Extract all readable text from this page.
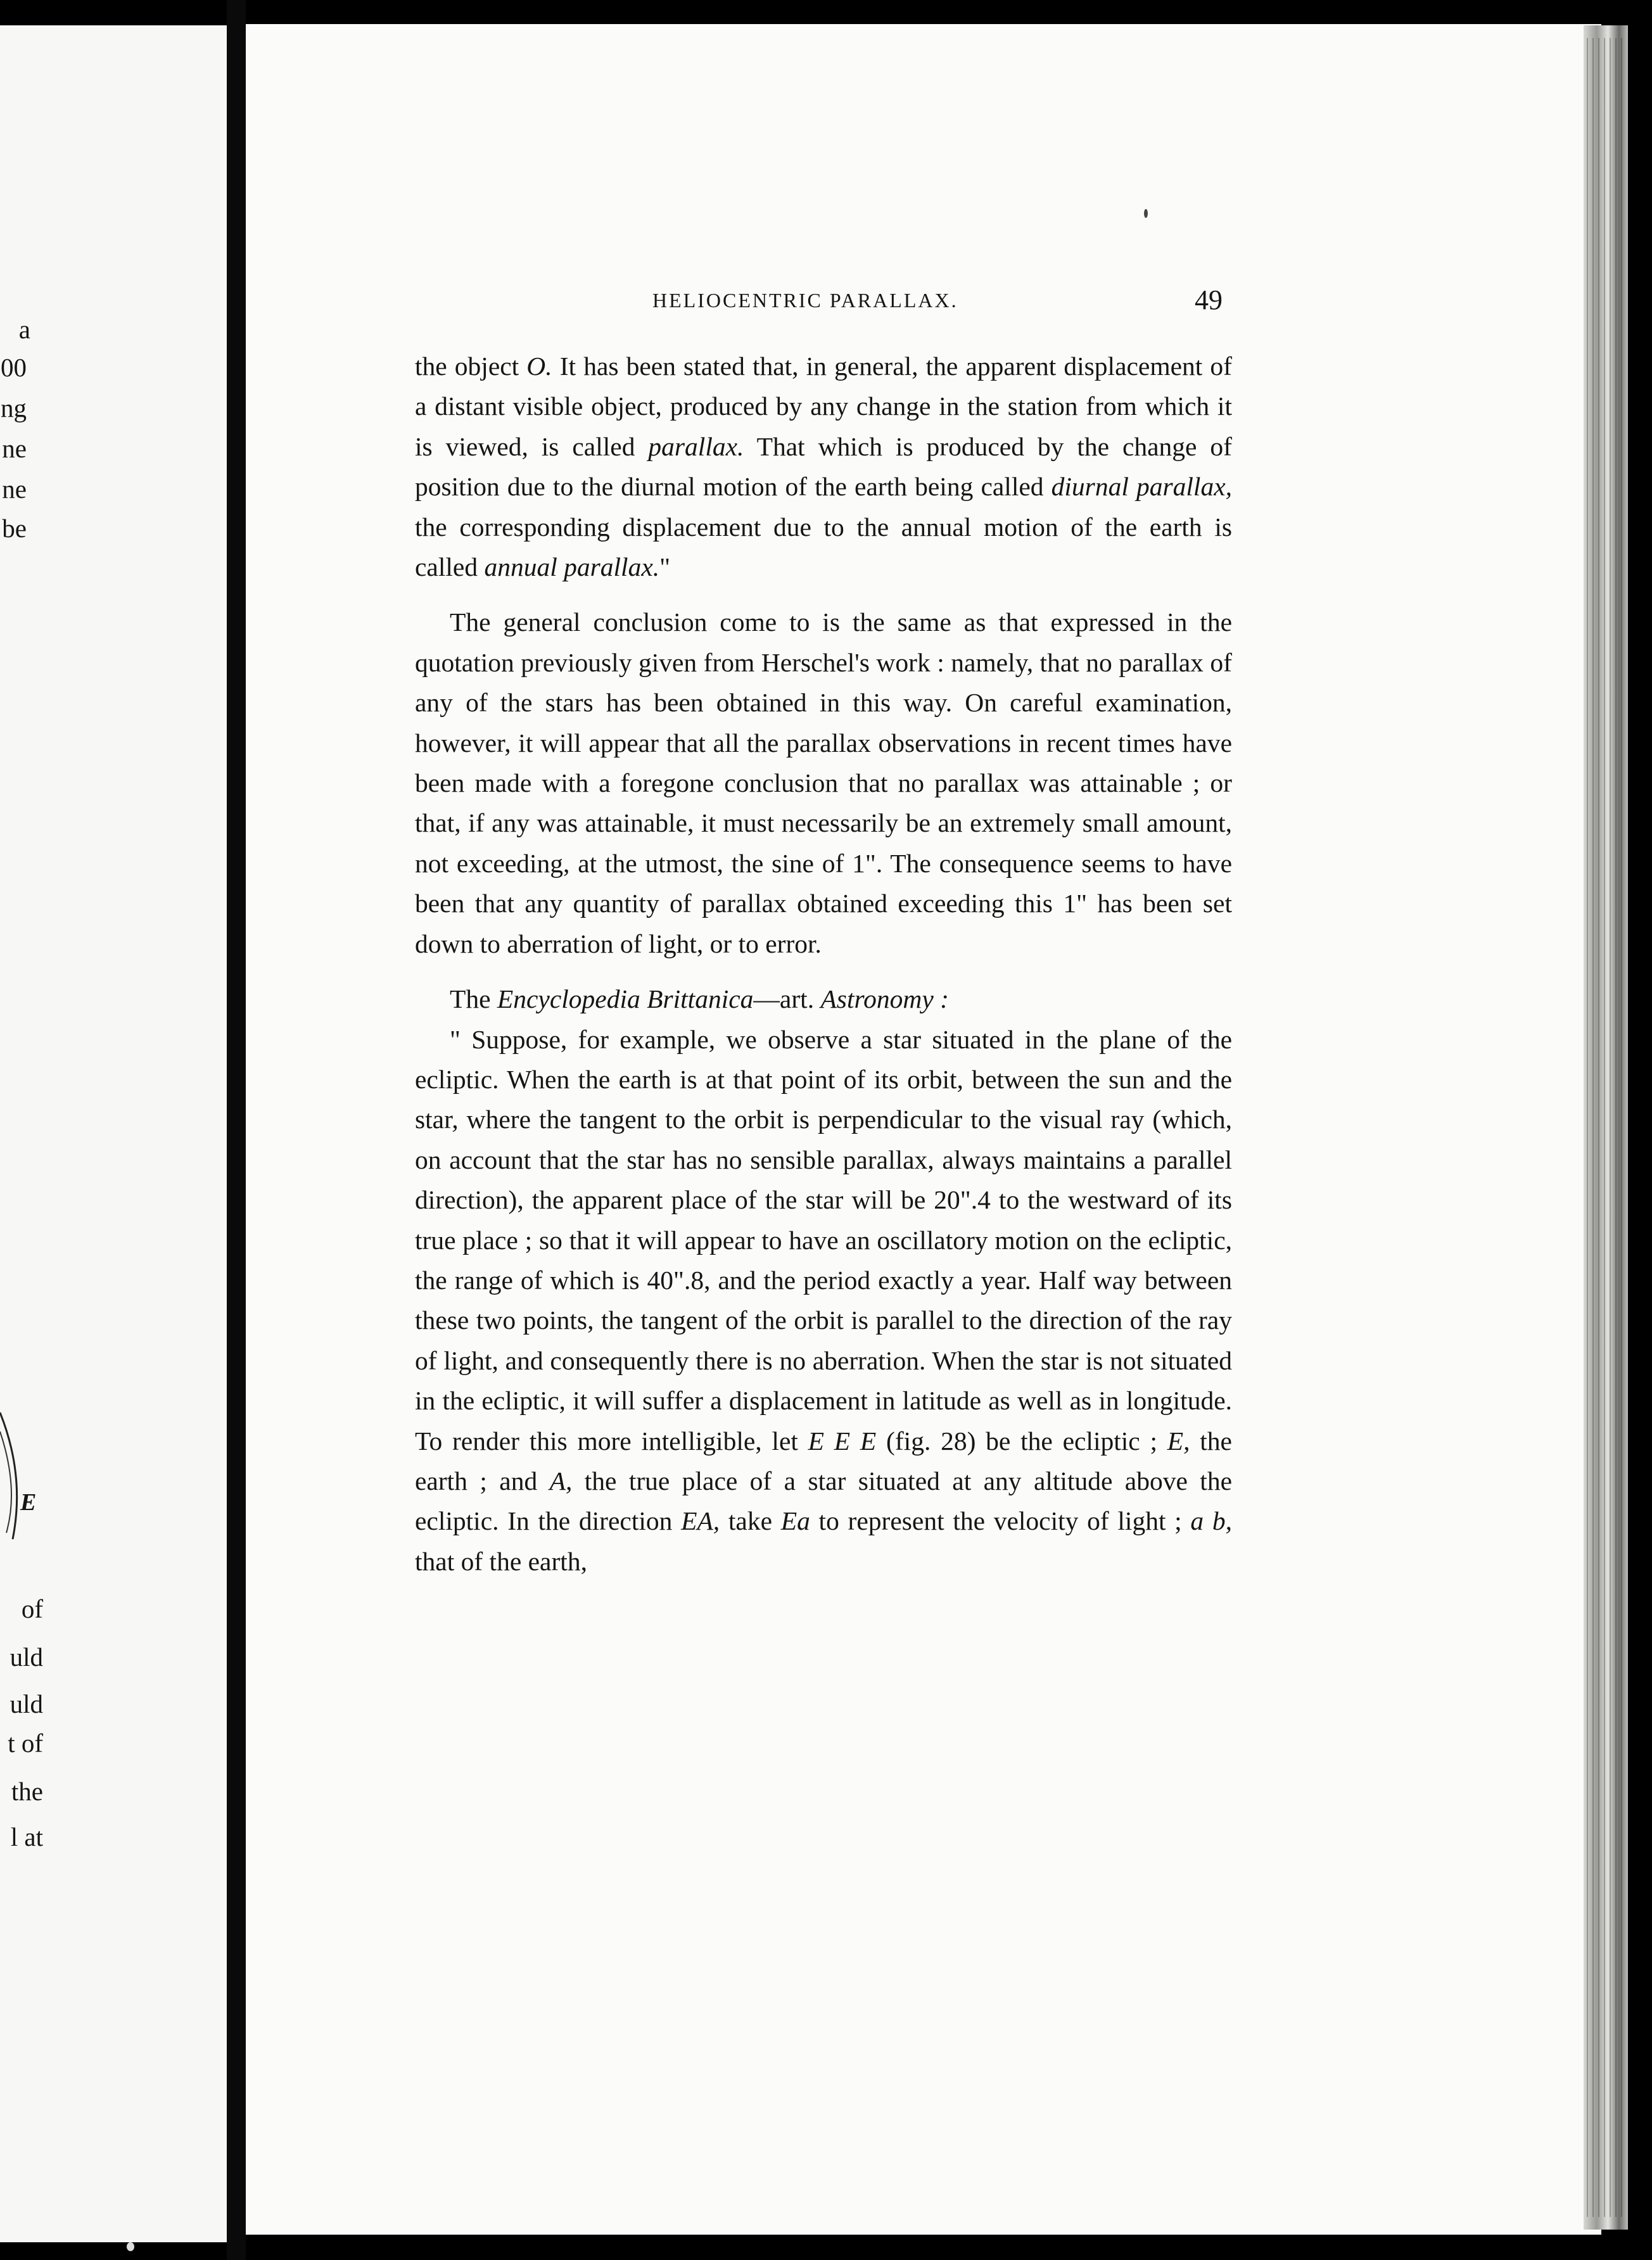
a
00
ng
ne
ne
be
E
of
uld
uld
t of
the
l at
HELIOCENTRIC PARALLAX.	49

the object O. It has been stated that, in general, the apparent displacement of a distant visible object, produced by any change in the station from which it is viewed, is called parallax. That which is produced by the change of position due to the diurnal motion of the earth being called diurnal parallax, the corresponding displacement due to the annual motion of the earth is called annual parallax."

The general conclusion come to is the same as that expressed in the quotation previously given from Herschel's work : namely, that no parallax of any of the stars has been obtained in this way. On careful examination, however, it will appear that all the parallax observations in recent times have been made with a foregone conclusion that no parallax was attainable ; or that, if any was attainable, it must necessarily be an extremely small amount, not exceeding, at the utmost, the sine of 1". The consequence seems to have been that any quantity of parallax obtained exceeding this 1" has been set down to aberration of light, or to error.

The Encyclopedia Brittanica—art. Astronomy :

" Suppose, for example, we observe a star situated in the plane of the ecliptic. When the earth is at that point of its orbit, between the sun and the star, where the tangent to the orbit is perpendicular to the visual ray (which, on account that the star has no sensible parallax, always maintains a parallel direction), the apparent place of the star will be 20".4 to the westward of its true place ; so that it will appear to have an oscillatory motion on the ecliptic, the range of which is 40".8, and the period exactly a year. Half way between these two points, the tangent of the orbit is parallel to the direction of the ray of light, and consequently there is no aberration. When the star is not situated in the ecliptic, it will suffer a displacement in latitude as well as in longitude. To render this more intelligible, let E E E (fig. 28) be the ecliptic ; E, the earth ; and A, the true place of a star situated at any altitude above the ecliptic. In the direction EA, take Ea to represent the velocity of light ; a b, that of the earth,
